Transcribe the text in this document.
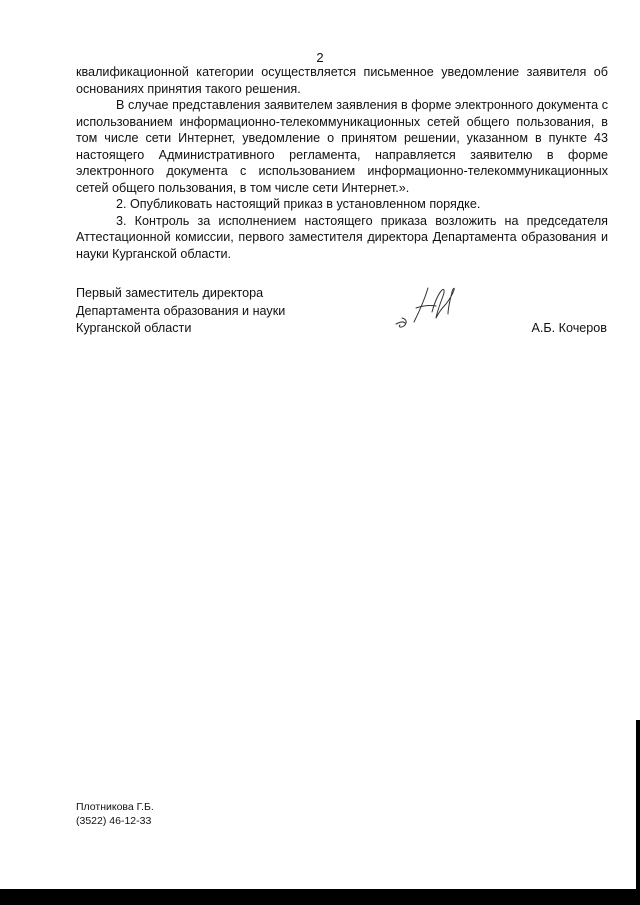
2

квалификационной категории осуществляется письменное уведомление заявителя об основаниях принятия такого решения.

В случае представления заявителем заявления в форме электронного документа с использованием информационно-телекоммуникационных сетей общего пользования, в том числе сети Интернет, уведомление о принятом решении, указанном в пункте 43 настоящего Административного регламента, направляется заявителю в форме электронного документа с использованием информационно-телекоммуникационных сетей общего пользования, в том числе сети Интернет.».

2. Опубликовать настоящий приказ в установленном порядке.

3. Контроль за исполнением настоящего приказа возложить на председателя Аттестационной комиссии, первого заместителя директора Департамента образования и науки Курганской области.

Первый заместитель директора
Департамента образования и науки
Курганской области	А.Б. Кочеров
Плотникова Г.Б.
(3522) 46-12-33
